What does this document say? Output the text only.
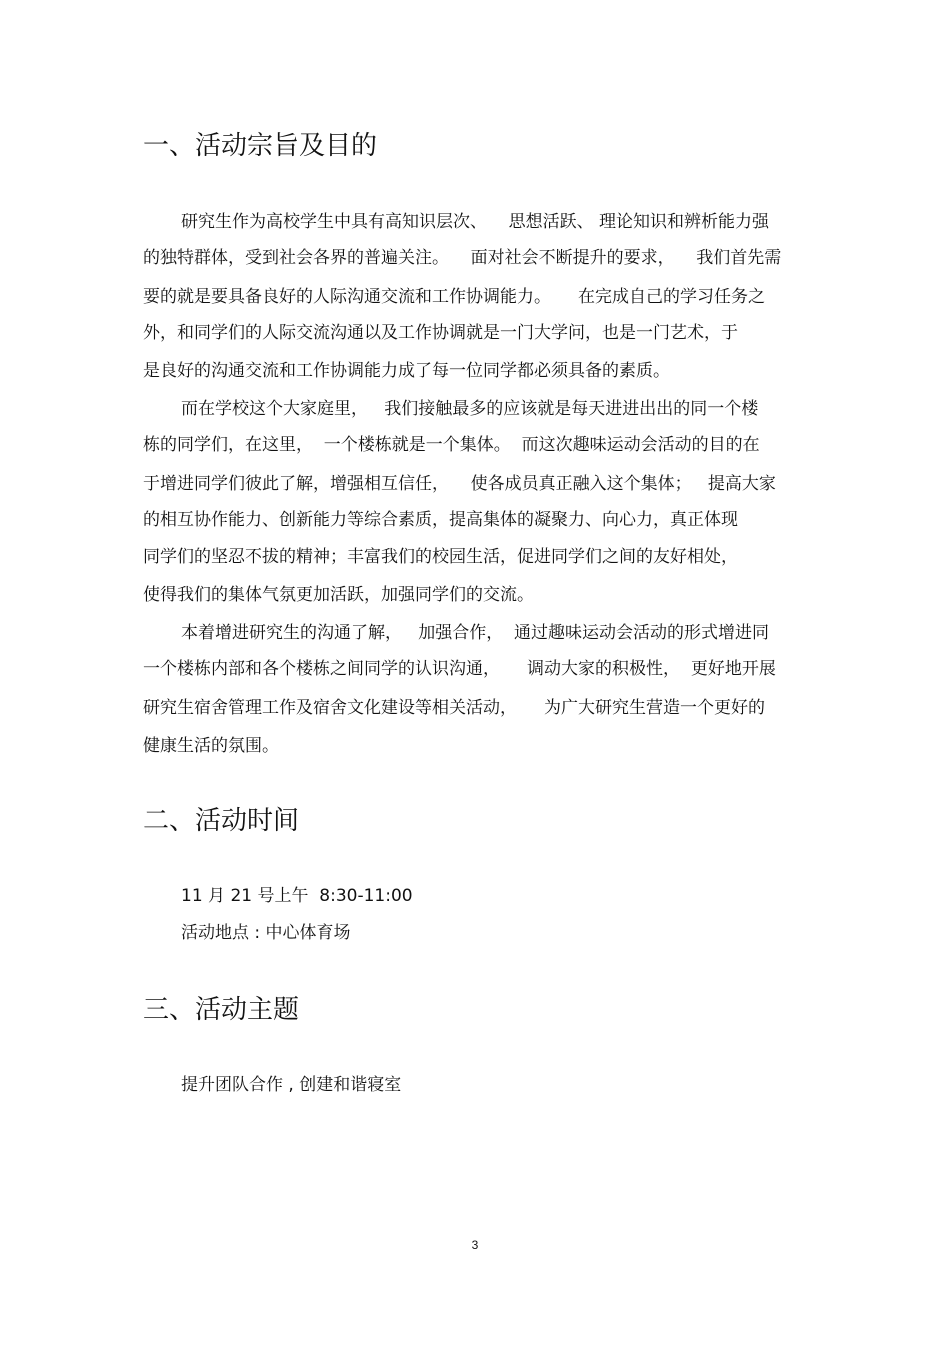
一、活动宗旨及目的

研究生作为高校学生中具有高知识层次、    思想活跃、 理论知识和辨析能力强

的独特群体，受到社会各界的普遍关注。    面对社会不断提升的要求，    我们首先需

要的就是要具备良好的人际沟通交流和工作协调能力。     在完成自己的学习任务之

外，和同学们的人际交流沟通以及工作协调就是一门大学问，也是一门艺术，于

是良好的沟通交流和工作协调能力成了每一位同学都必须具备的素质。

而在学校这个大家庭里，   我们接触最多的应该就是每天进进出出的同一个楼

栋的同学们，在这里，  一个楼栋就是一个集体。  而这次趣味运动会活动的目的在

于增进同学们彼此了解，增强相互信任，    使各成员真正融入这个集体；   提高大家

的相互协作能力、创新能力等综合素质，提高集体的凝聚力、向心力，真正体现

同学们的坚忍不拔的精神；丰富我们的校园生活，促进同学们之间的友好相处，

使得我们的集体气氛更加活跃，加强同学们的交流。

本着增进研究生的沟通了解，   加强合作，  通过趣味运动会活动的形式增进同

一个楼栋内部和各个楼栋之间同学的认识沟通，     调动大家的积极性，  更好地开展

研究生宿舍管理工作及宿舍文化建设等相关活动，     为广大研究生营造一个更好的

健康生活的氛围。

二、活动时间

11 月 21 号上午  8:30-11:00

活动地点 : 中心体育场

三、活动主题

提升团队合作 , 创建和谐寝室

3
